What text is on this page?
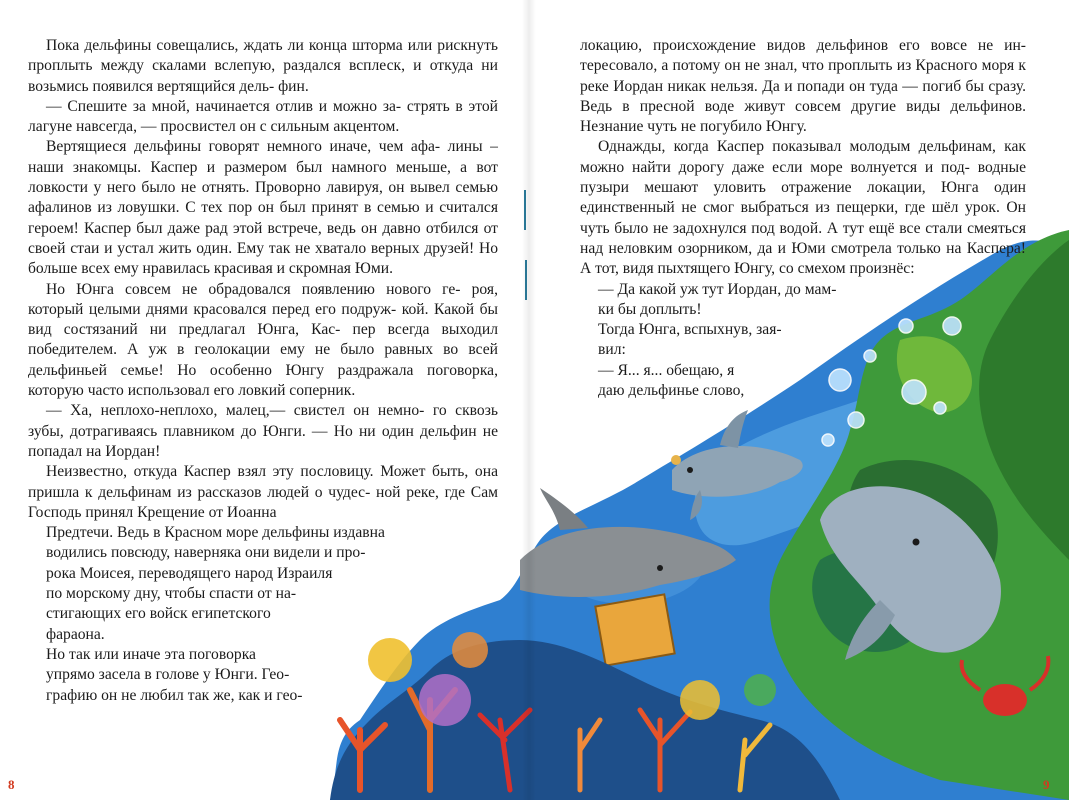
Пока дельфины совещались, ждать ли конца шторма или рискнуть проплыть между скалами вслепую, раздался всплеск, и откуда ни возьмись появился вертящийся дель- фин.

— Спешите за мной, начинается отлив и можно за- стрять в этой лагуне навсегда, — просвистел он с сильным акцентом.

Вертящиеся дельфины говорят немного иначе, чем афа- лины – наши знакомцы. Каспер и размером был намного меньше, а вот ловкости у него было не отнять. Проворно лавируя, он вывел семью афалинов из ловушки. С тех пор он был принят в семью и считался героем! Каспер был даже рад этой встрече, ведь он давно отбился от своей стаи и устал жить один. Ему так не хватало верных друзей! Но больше всех ему нравилась красивая и скромная Юми.

Но Юнга совсем не обрадовался появлению нового ге- роя, который целыми днями красовался перед его подруж- кой. Какой бы вид состязаний ни предлагал Юнга, Кас- пер всегда выходил победителем. А уж в геолокации ему не было равных во всей дельфиньей семье! Но особенно Юнгу раздражала поговорка, которую часто использовал его ловкий соперник.

— Ха, неплохо-неплохо, малец,— свистел он немно- го сквозь зубы, дотрагиваясь плавником до Юнги. — Но ни один дельфин не попадал на Иордан!

Неизвестно, откуда Каспер взял эту пословицу. Может быть, она пришла к дельфинам из рассказов людей о чудес- ной реке, где Сам Господь принял Крещение от Иоанна
Предтечи. Ведь в Красном море дельфины издавна
водились повсюду, наверняка они видели и про-
рока Моисея, переводящего народ Израиля
по морскому дну, чтобы спасти от на-
стигающих его войск египетского
фараона.

Но так или иначе эта поговорка
упрямо засела в голове у Юнги. Гео-
графию он не любил так же, как и гео-

локацию, происхождение видов дельфинов его вовсе не ин- тересовало, а потому он не знал, что проплыть из Красного моря к реке Иордан никак нельзя. Да и попади он туда — погиб бы сразу. Ведь в пресной воде живут совсем другие виды дельфинов. Незнание чуть не погубило Юнгу.

Однажды, когда Каспер показывал молодым дельфинам, как можно найти дорогу даже если море волнуется и под- водные пузыри мешают уловить отражение локации, Юнга один единственный не смог выбраться из пещерки, где шёл урок. Он чуть было не задохнулся под водой. А тут ещё все стали смеяться над неловким озорником, да и Юми смотрела только на Каспера! А тот, видя пыхтящего Юнгу, со смехом произнёс:

— Да какой уж тут Иордан, до мам-
ки бы доплыть!

Тогда Юнга, вспыхнув, зая-
вил:

— Я... я... обещаю, я
даю дельфинье слово,

8	9
